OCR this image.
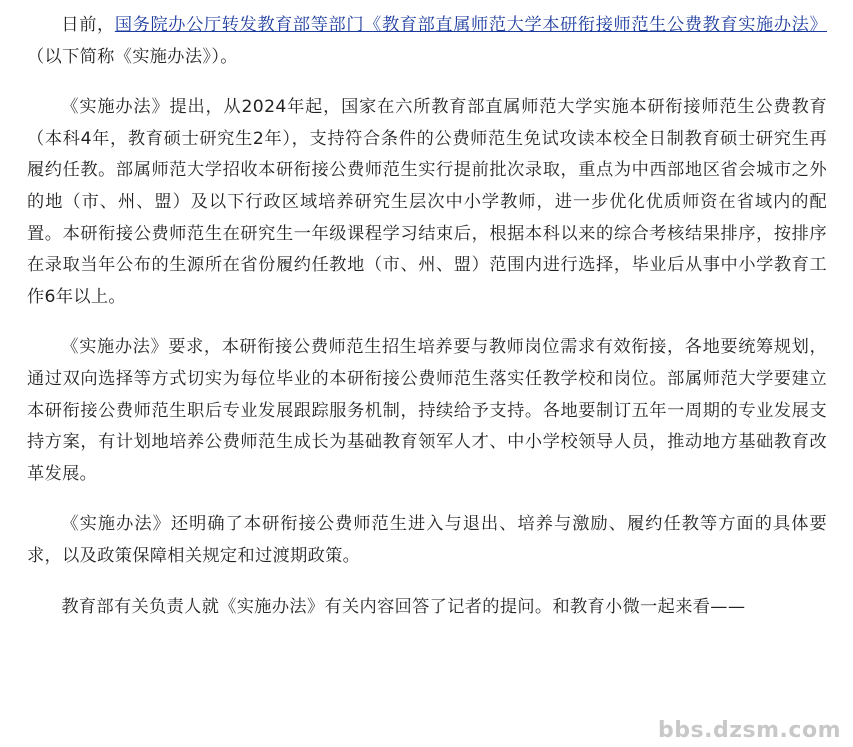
日前，国务院办公厅转发教育部等部门《教育部直属师范大学本研衔接师范生公费教育实施办法》（以下简称《实施办法》）。

《实施办法》提出，从2024年起，国家在六所教育部直属师范大学实施本研衔接师范生公费教育（本科4年，教育硕士研究生2年），支持符合条件的公费师范生免试攻读本校全日制教育硕士研究生再履约任教。部属师范大学招收本研衔接公费师范生实行提前批次录取，重点为中西部地区省会城市之外的地（市、州、盟）及以下行政区域培养研究生层次中小学教师，进一步优化优质师资在省域内的配置。本研衔接公费师范生在研究生一年级课程学习结束后，根据本科以来的综合考核结果排序，按排序在录取当年公布的生源所在省份履约任教地（市、州、盟）范围内进行选择，毕业后从事中小学教育工作6年以上。

《实施办法》要求，本研衔接公费师范生招生培养要与教师岗位需求有效衔接，各地要统筹规划，通过双向选择等方式切实为每位毕业的本研衔接公费师范生落实任教学校和岗位。部属师范大学要建立本研衔接公费师范生职后专业发展跟踪服务机制，持续给予支持。各地要制订五年一周期的专业发展支持方案，有计划地培养公费师范生成长为基础教育领军人才、中小学校领导人员，推动地方基础教育改革发展。

《实施办法》还明确了本研衔接公费师范生进入与退出、培养与激励、履约任教等方面的具体要求，以及政策保障相关规定和过渡期政策。

教育部有关负责人就《实施办法》有关内容回答了记者的提问。和教育小微一起来看——

bbs.dzsm.com
